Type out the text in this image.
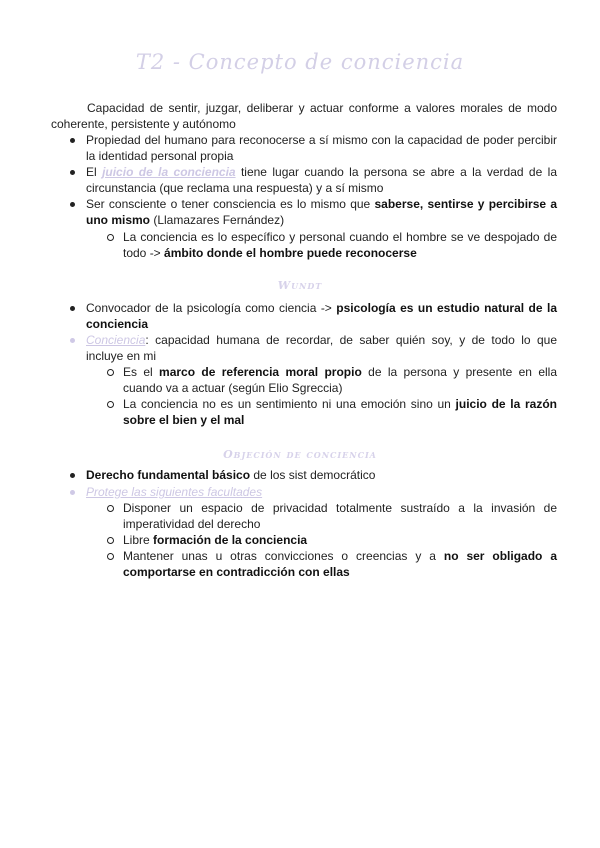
T2 - Concepto de conciencia
Capacidad de sentir, juzgar, deliberar y actuar conforme a valores morales de modo coherente, persistente y autónomo
Propiedad del humano para reconocerse a sí mismo con la capacidad de poder percibir la identidad personal propia
El juicio de la conciencia tiene lugar cuando la persona se abre a la verdad de la circunstancia (que reclama una respuesta) y a sí mismo
Ser consciente o tener consciencia es lo mismo que saberse, sentirse y percibirse a uno mismo (Llamazares Fernández)
La conciencia es lo específico y personal cuando el hombre se ve despojado de todo -> ámbito donde el hombre puede reconocerse
Wundt
Convocador de la psicología como ciencia -> psicología es un estudio natural de la conciencia
Conciencia: capacidad humana de recordar, de saber quién soy, y de todo lo que incluye en mi
Es el marco de referencia moral propio de la persona y presente en ella cuando va a actuar (según Elio Sgreccia)
La conciencia no es un sentimiento ni una emoción sino un juicio de la razón sobre el bien y el mal
Objeción de conciencia
Derecho fundamental básico de los sist democrático
Protege las siguientes facultades
Disponer un espacio de privacidad totalmente sustraído a la invasión de imperatividad del derecho
Libre formación de la conciencia
Mantener unas u otras convicciones o creencias y a no ser obligado a comportarse en contradicción con ellas
